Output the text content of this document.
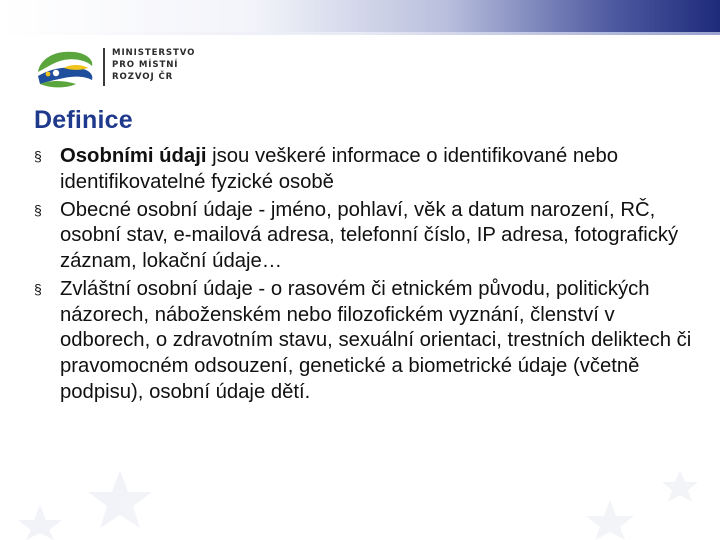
MINISTERSTVO
PRO MÍSTNÍ
ROZVOJ ČR
Definice
§ Osobními údaji jsou veškeré informace o identifikované nebo identifikovatelné fyzické osobě
§ Obecné osobní údaje - jméno, pohlaví, věk a datum narození, RČ, osobní stav, e-mailová adresa, telefonní číslo, IP adresa, fotografický záznam, lokační údaje…
§ Zvláštní osobní údaje - o rasovém či etnickém původu, politických názorech, náboženském nebo filozofickém vyznání, členství v odborech, o zdravotním stavu, sexuální orientaci, trestních deliktech či pravomocném odsouzení, genetické a biometrické údaje (včetně podpisu), osobní údaje dětí.
